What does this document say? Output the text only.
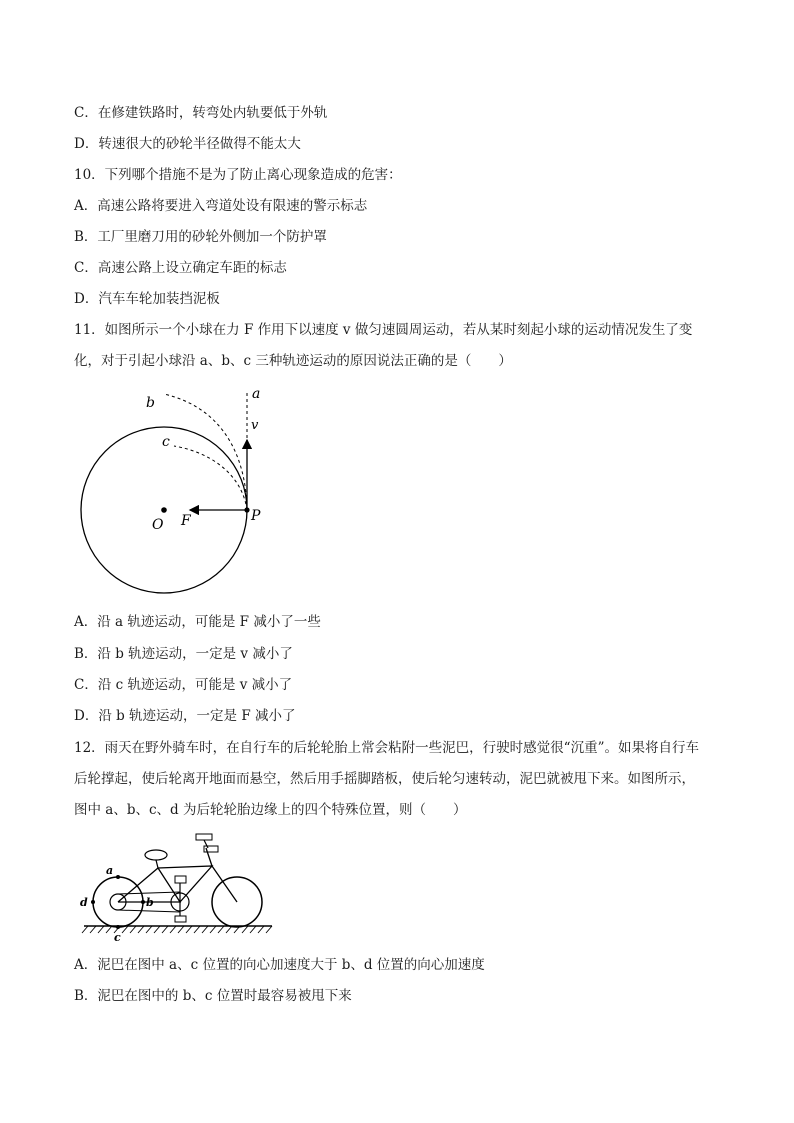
C．在修建铁路时，转弯处内轨要低于外轨
D．转速很大的砂轮半径做得不能太大
10．下列哪个措施不是为了防止离心现象造成的危害：
A．高速公路将要进入弯道处设有限速的警示标志
B．工厂里磨刀用的砂轮外侧加一个防护罩
C．高速公路上设立确定车距的标志
D．汽车车轮加装挡泥板
11．如图所示一个小球在力 F 作用下以速度 v 做匀速圆周运动，若从某时刻起小球的运动情况发生了变
化，对于引起小球沿 a、b、c 三种轨迹运动的原因说法正确的是（　　）
a
b
c
v
P
O F
A．沿 a 轨迹运动，可能是 F 减小了一些
B．沿 b 轨迹运动，一定是 v 减小了
C．沿 c 轨迹运动，可能是 v 减小了
D．沿 b 轨迹运动，一定是 F 减小了
12．雨天在野外骑车时，在自行车的后轮轮胎上常会粘附一些泥巴，行驶时感觉很“沉重”。如果将自行车
后轮撑起，使后轮离开地面而悬空，然后用手摇脚踏板，使后轮匀速转动，泥巴就被甩下来。如图所示，
图中 a、b、c、d 为后轮轮胎边缘上的四个特殊位置，则（　　）
a
b
c
d
A．泥巴在图中 a、c 位置的向心加速度大于 b、d 位置的向心加速度
B．泥巴在图中的 b、c 位置时最容易被甩下来
